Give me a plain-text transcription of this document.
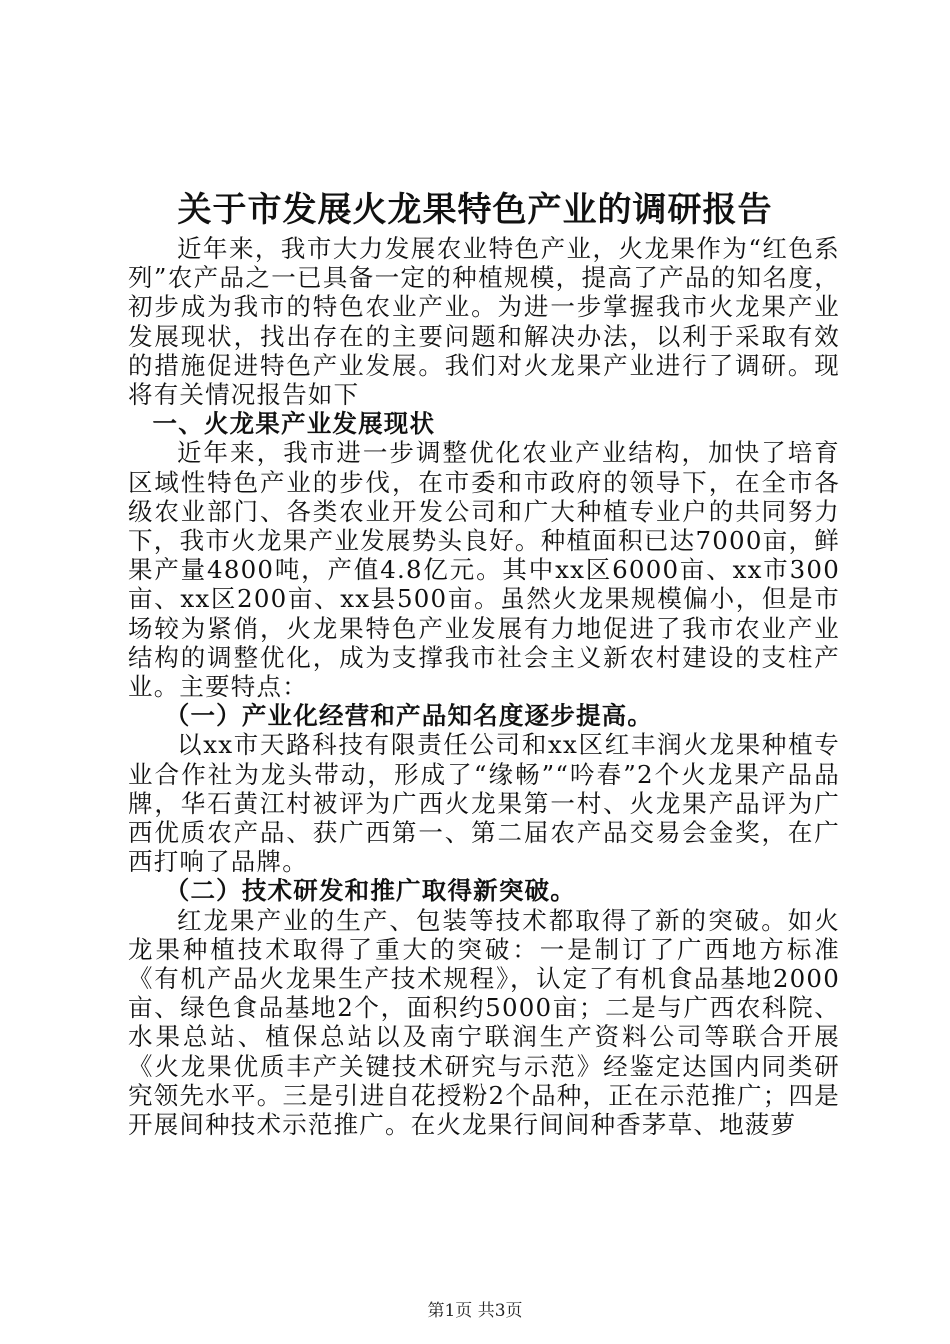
关于市发展火龙果特色产业的调研报告

近年来，我市大力发展农业特色产业，火龙果作为“红色系列”农产品之一已具备一定的种植规模，提高了产品的知名度，初步成为我市的特色农业产业。为进一步掌握我市火龙果产业发展现状，找出存在的主要问题和解决办法，以利于采取有效的措施促进特色产业发展。我们对火龙果产业进行了调研。现将有关情况报告如下

一、火龙果产业发展现状

近年来，我市进一步调整优化农业产业结构，加快了培育区域性特色产业的步伐，在市委和市政府的领导下，在全市各级农业部门、各类农业开发公司和广大种植专业户的共同努力下，我市火龙果产业发展势头良好。种植面积已达7000亩，鲜果产量4800吨，产值4.8亿元。其中xx区6000亩、xx市300亩、xx区200亩、xx县500亩。虽然火龙果规模偏小，但是市场较为紧俏，火龙果特色产业发展有力地促进了我市农业产业结构的调整优化，成为支撑我市社会主义新农村建设的支柱产业。主要特点：

（一）产业化经营和产品知名度逐步提高。

以xx市天路科技有限责任公司和xx区红丰润火龙果种植专业合作社为龙头带动，形成了“缘畅”“吟春”2个火龙果产品品牌，华石黄江村被评为广西火龙果第一村、火龙果产品评为广西优质农产品、获广西第一、第二届农产品交易会金奖，在广西打响了品牌。

（二）技术研发和推广取得新突破。

红龙果产业的生产、包装等技术都取得了新的突破。如火龙果种植技术取得了重大的突破：一是制订了广西地方标准《有机产品火龙果生产技术规程》，认定了有机食品基地2000亩、绿色食品基地2个，面积约5000亩；二是与广西农科院、水果总站、植保总站以及南宁联润生产资料公司等联合开展《火龙果优质丰产关键技术研究与示范》经鉴定达国内同类研究领先水平。三是引进自花授粉2个品种，正在示范推广；四是开展间种技术示范推广。在火龙果行间间种香茅草、地菠萝

第1页 共3页
